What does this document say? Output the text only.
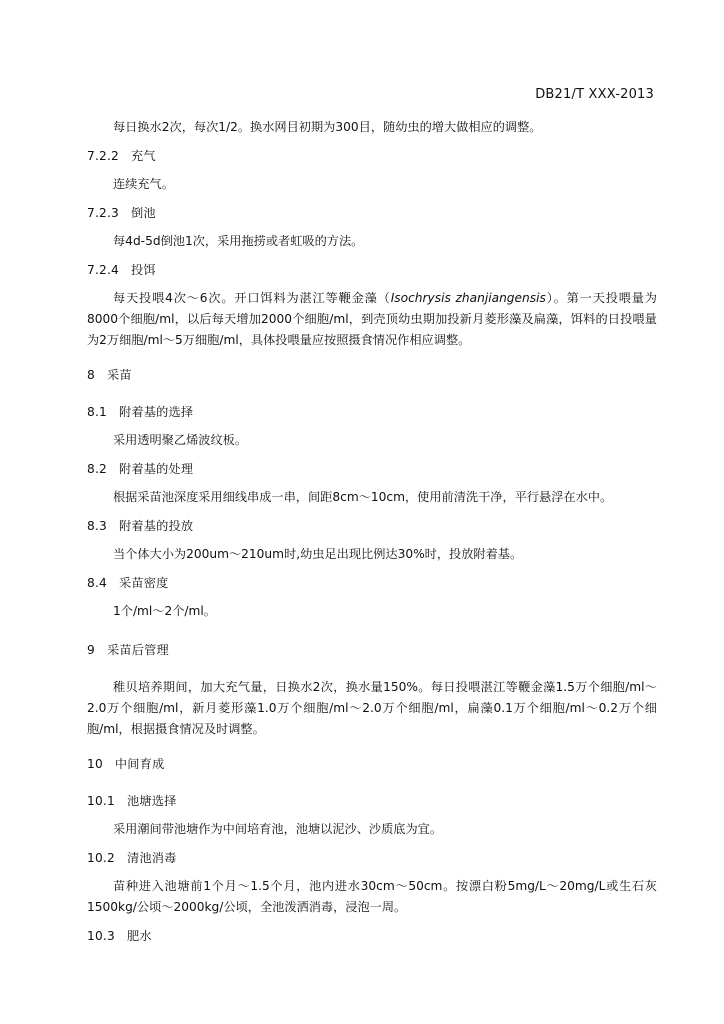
DB21/T XXX-2013

每日换水2次，每次1/2。换水网目初期为300目，随幼虫的增大做相应的调整。

7.2.2 充气

连续充气。

7.2.3 倒池

每4d-5d倒池1次，采用拖捞或者虹吸的方法。

7.2.4 投饵

每天投喂4次～6次。开口饵料为湛江等鞭金藻（Isochrysis zhanjiangensis）。第一天投喂量为8000个细胞/ml，以后每天增加2000个细胞/ml，到壳顶幼虫期加投新月菱形藻及扁藻，饵料的日投喂量为2万细胞/ml～5万细胞/ml，具体投喂量应按照摄食情况作相应调整。

8 采苗
8.1 附着基的选择

采用透明聚乙烯波纹板。

8.2 附着基的处理

根据采苗池深度采用细线串成一串，间距8cm～10cm，使用前清洗干净，平行悬浮在水中。

8.3 附着基的投放

当个体大小为200um～210um时,幼虫足出现比例达30%时，投放附着基。

8.4 采苗密度

1个/ml～2个/ml。

9 采苗后管理

稚贝培养期间，加大充气量，日换水2次，换水量150%。每日投喂湛江等鞭金藻1.5万个细胞/ml～2.0万个细胞/ml，新月菱形藻1.0万个细胞/ml～2.0万个细胞/ml，扁藻0.1万个细胞/ml～0.2万个细胞/ml，根据摄食情况及时调整。

10 中间育成
10.1 池塘选择

采用潮间带池塘作为中间培育池，池塘以泥沙、沙质底为宜。

10.2 清池消毒

苗种进入池塘前1个月～1.5个月，池内进水30cm～50cm。按漂白粉5mg/L～20mg/L或生石灰1500kg/公顷～2000kg/公顷，全池泼洒消毒，浸泡一周。

10.3 肥水
